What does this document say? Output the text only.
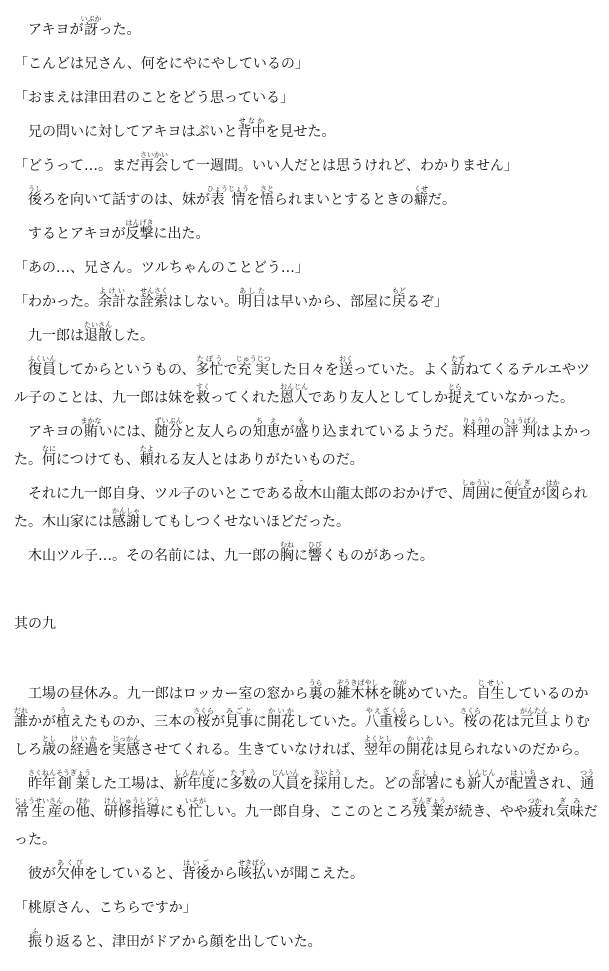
アキヨが訝いぶかった。

「こんどは兄さん、何をにやにやしているの」

「おまえは津田君のことをどう思っている」

兄の問いに対してアキヨはぷいと背中せなかを見せた。

「どうって…。まだ再会さいかいして一週間。いい人だとは思うけれど、わかりません」

後うしろを向いて話すのは、妹が表情ひょうじょうを悟さとられまいとするときの癖くせだ。

するとアキヨが反撃はんげきに出た。

「あの…、兄さん。ツルちゃんのことどう…」

「わかった。余計よけいな詮索せんさくはしない。明日あしたは早いから、部屋に戻もどるぞ」

九一郎は退散たいさんした。

復員ふくいんしてからというもの、多忙たぼうで充実じゅうじつした日々を送おくっていた。よく訪たずねてくるテルエやツル子のことは、九一郎は妹を救すくってくれた恩人おんじんであり友人としてしか捉とらえていなかった。

アキヨの賄まかないには、随分ずいぶんと友人らの知恵ちえが盛もり込まれているようだ。料理りょうりの評判ひょうばんはよかった。何なににつけても、頼たよれる友人とはありがたいものだ。

それに九一郎自身、ツル子のいとこである故こ木山龍太郎のおかげで、周囲しゅういに便宜べんぎが図はかられた。木山家には感謝かんしゃしてもしつくせないほどだった。

木山ツル子…。その名前には、九一郎の胸むねに響ひびくものがあった。

其の九

工場の昼休み。九一郎はロッカー室の窓から裏うらの雑木林ぞうきばやしを眺ながめていた。自生じせいしているのか誰だれかが植うえたものか、三本の桜さくらが見事みごとに開花かいかしていた。八重桜やえざくららしい。桜さくらの花は元旦がんたんよりむしろ歳としの経過けいかを実感じっかんさせてくれる。生きていなければ、翌年よくとしの開花かいかは見られないのだから。

昨年さくねん創業そうぎょうした工場は、新年度しんねんどに多数たすうの人員じんいんを採用さいようした。どの部署ぶしょにも新人しんじんが配置はいちされ、通常生産つうじょうせいさんの他ほか、研修指導けんしゅうしどうにも忙いそがしい。九一郎自身、ここのところ残業ざんぎょうが続き、やや疲つかれ気味ぎみだった。

彼が欠伸あくびをしていると、背後はいごから咳払せきばらいが聞こえた。

「桃原さん、こちらですか」

振ふり返ると、津田がドアから顔を出していた。
